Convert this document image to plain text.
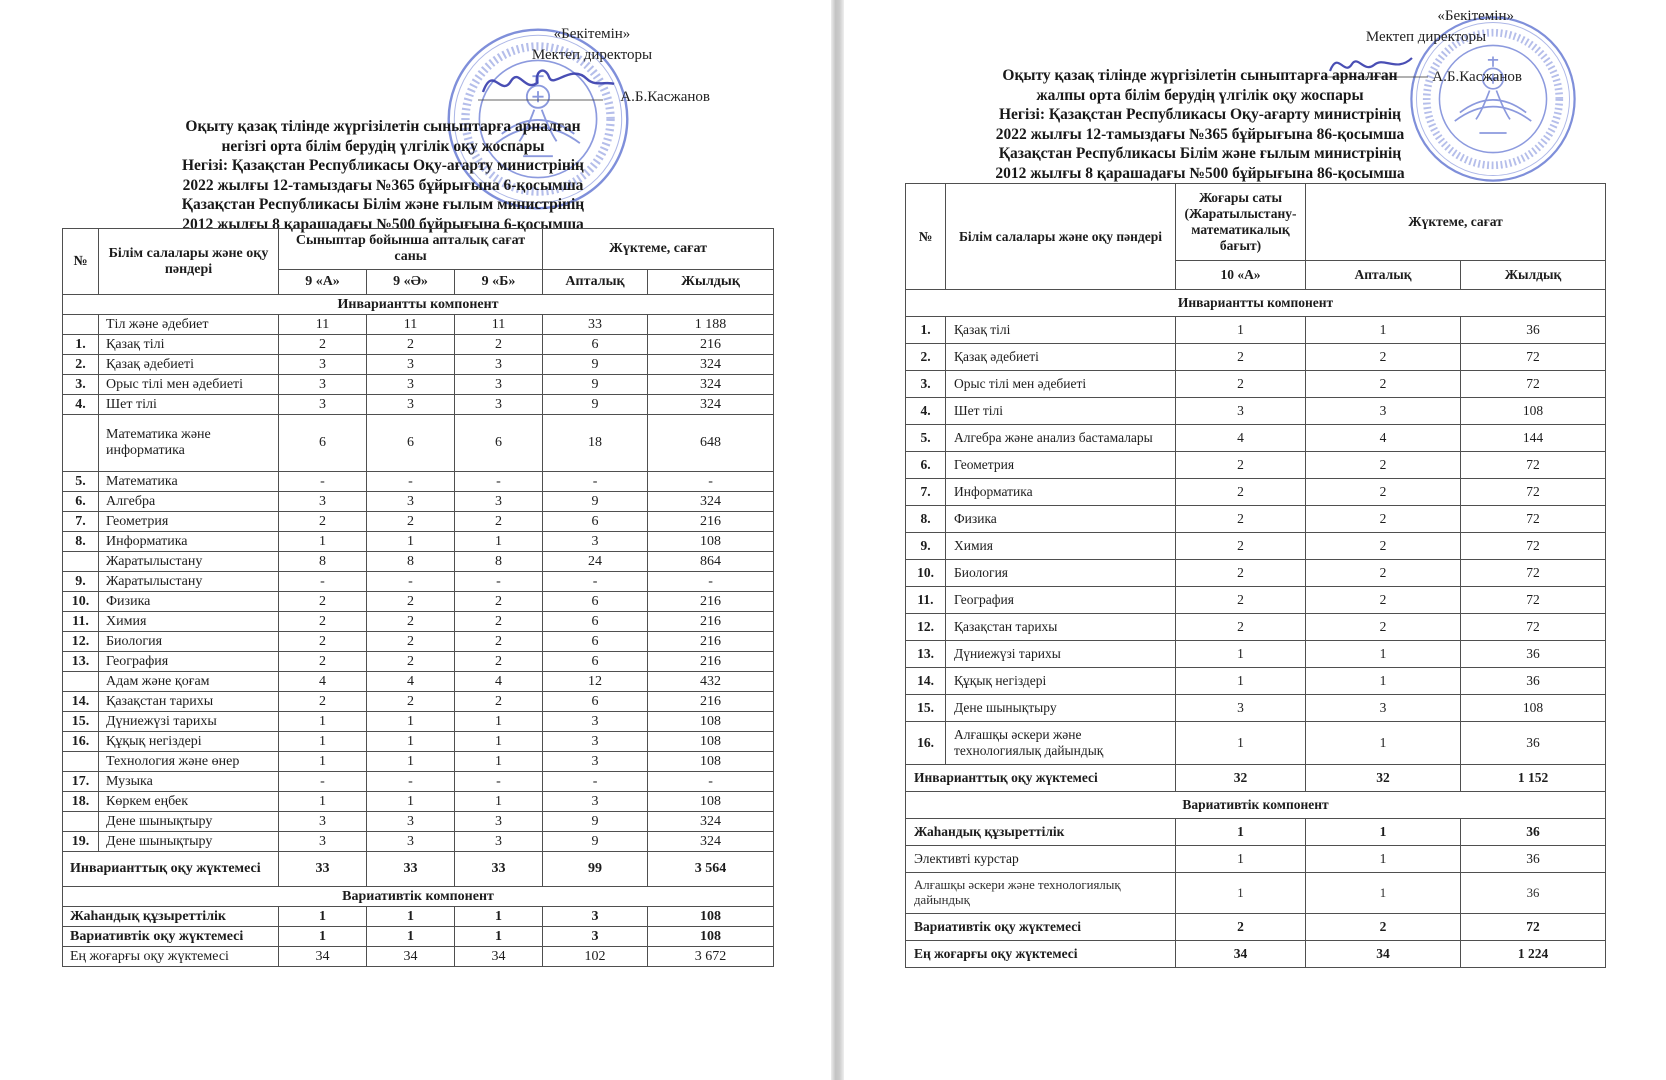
«Бекітемін»
Мектеп директоры
А.Б.Касжанов
Оқыту қазақ тілінде жүргізілетін сыныптарға арналған
негізгі орта білім берудің үлгілік оқу жоспары
Негізі: Қазақстан Республикасы Оқу-ағарту министрінің
2022 жылғы 12-тамыздағы №365 бұйрығына 6-қосымша
Қазақстан Республикасы Білім және ғылым министрінің
2012 жылғы 8 қарашадағы №500 бұйрығына 6-қосымша
№	Білім салалары және оқу пәндері	Сыныптар бойынша апталық сағат саны			Жүктеме, сағат	
		9 «А»	9 «Ә»	9 «Б»	Апталық	Жылдық
Инвариантты компонент						
	Тіл және әдебиет	11	11	11	33	1 188
1.	Қазақ тілі	2	2	2	6	216
2.	Қазақ әдебиеті	3	3	3	9	324
3.	Орыс тілі мен әдебиеті	3	3	3	9	324
4.	Шет тілі	3	3	3	9	324
	Математика және информатика	6	6	6	18	648
5.	Математика	-	-	-	-	-
6.	Алгебра	3	3	3	9	324
7.	Геометрия	2	2	2	6	216
8.	Информатика	1	1	1	3	108
	Жаратылыстану	8	8	8	24	864
9.	Жаратылыстану	-	-	-	-	-
10.	Физика	2	2	2	6	216
11.	Химия	2	2	2	6	216
12.	Биология	2	2	2	6	216
13.	География	2	2	2	6	216
	Адам және қоғам	4	4	4	12	432
14.	Қазақстан тарихы	2	2	2	6	216
15.	Дүниежүзі тарихы	1	1	1	3	108
16.	Құқық негіздері	1	1	1	3	108
	Технология және өнер	1	1	1	3	108
17.	Музыка	-	-	-	-	-
18.	Көркем еңбек	1	1	1	3	108
	Дене шынықтыру	3	3	3	9	324
19.	Дене шынықтыру	3	3	3	9	324
Инварианттық оқу жүктемесі		33	33	33	99	3 564
Вариативтік компонент						
Жаһандық құзыреттілік		1	1	1	3	108
Вариативтік оқу жүктемесі		1	1	1	3	108
Ең жоғарғы оқу жүктемесі		34	34	34	102	3 672
«Бекітемін»
Мектеп директоры
А.Б.Касжанов
Оқыту қазақ тілінде жүргізілетін сыныптарға арналған
жалпы орта білім берудің үлгілік оқу жоспары
Негізі: Қазақстан Республикасы Оқу-ағарту министрінің
2022 жылғы 12-тамыздағы №365 бұйрығына 86-қосымша
Қазақстан Республикасы Білім және ғылым министрінің
2012 жылғы 8 қарашадағы №500 бұйрығына 86-қосымша
№	Білім салалары және оқу пәндері	Жоғары саты (Жаратылыстану-математикалық бағыт)	Жүктеме, сағат	
		10 «А»	Апталық	Жылдық
Инвариантты компонент				
1.	Қазақ тілі	1	1	36
2.	Қазақ әдебиеті	2	2	72
3.	Орыс тілі мен әдебиеті	2	2	72
4.	Шет тілі	3	3	108
5.	Алгебра және анализ бастамалары	4	4	144
6.	Геометрия	2	2	72
7.	Информатика	2	2	72
8.	Физика	2	2	72
9.	Химия	2	2	72
10.	Биология	2	2	72
11.	География	2	2	72
12.	Қазақстан тарихы	2	2	72
13.	Дүниежүзі тарихы	1	1	36
14.	Құқық негіздері	1	1	36
15.	Дене шынықтыру	3	3	108
16.	Алғашқы әскери және технологиялық дайындық	1	1	36
Инварианттық оқу жүктемесі		32	32	1 152
Вариативтік компонент				
Жаһандық құзыреттілік		1	1	36
Элективті курстар		1	1	36
Алғашқы әскери және технологиялық дайындық		1	1	36
Вариативтік оқу жүктемесі		2	2	72
Ең жоғарғы оқу жүктемесі		34	34	1 224
